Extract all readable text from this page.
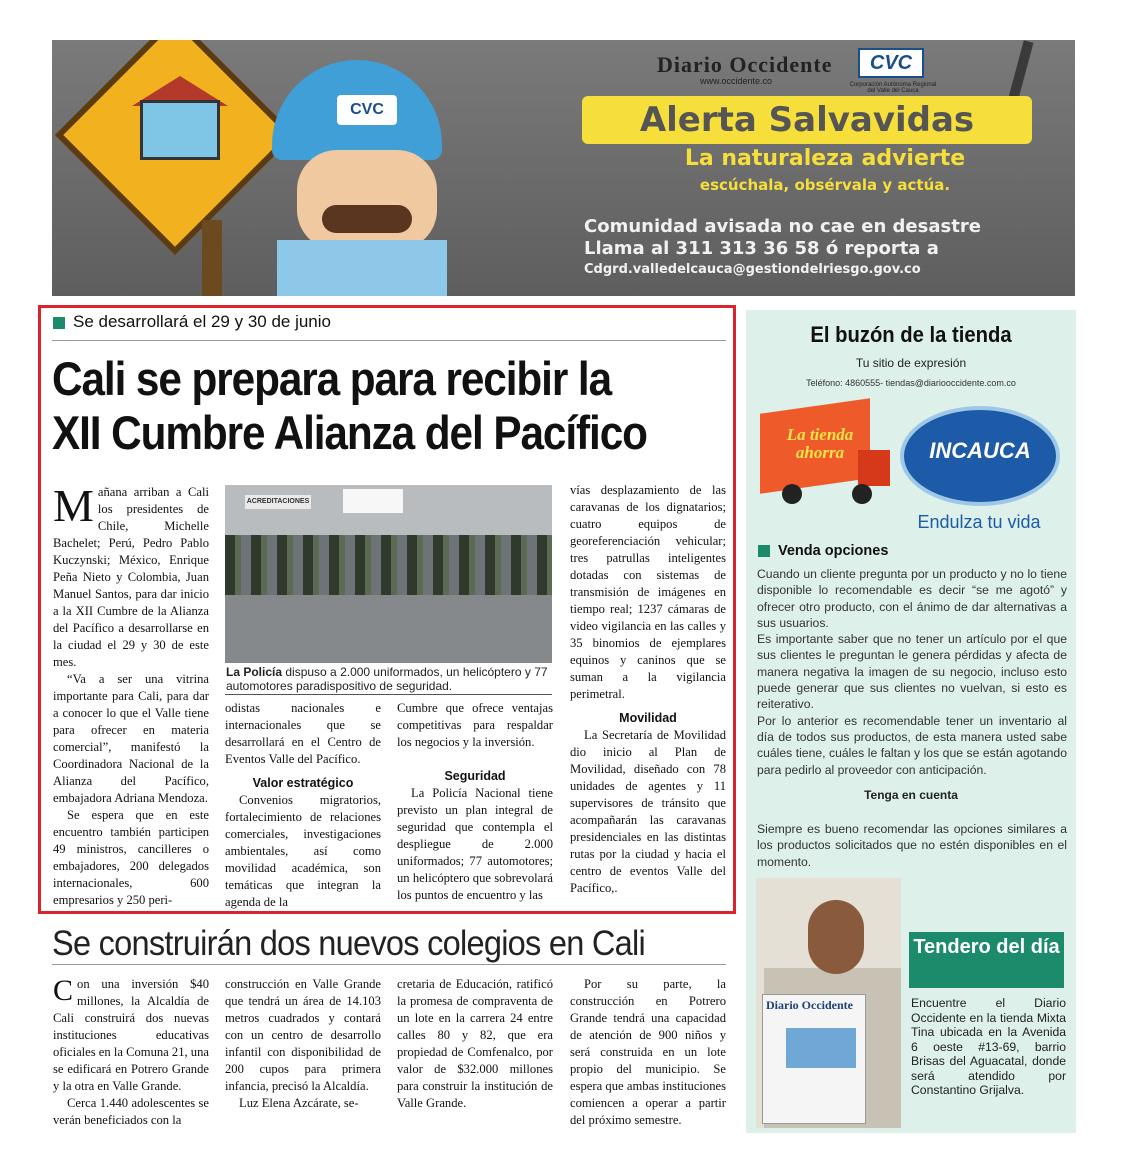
CVC
Diario Occidente
www.occidente.co
CVC
Corporación Autónoma Regional del Valle del Cauca
Alerta Salvavidas
La naturaleza advierte
escúchala, obsérvala y actúa.
Comunidad avisada no cae en desastre
Llama al 311 313 36 58 ó reporta a
Cdgrd.valledelcauca@gestiondelriesgo.gov.co
Se desarrollará el 29 y 30 de junio
Cali se prepara para recibir la XII Cumbre Alianza del Pacífico

Mañana arriban a Cali los presidentes de Chile, Michelle Bachelet; Perú, Pedro Pablo Kuczynski; México, Enrique Peña Nieto y Colombia, Juan Manuel Santos, para dar inicio a la XII Cumbre de la Alianza del Pacífico a desarrollarse en la ciudad el 29 y 30 de este mes.

“Va a ser una vitrina importante para Cali, para dar a conocer lo que el Valle tiene para ofrecer en materia comercial”, manifestó la Coordinadora Nacional de la Alianza del Pacífico, embajadora Adriana Mendoza.

Se espera que en este encuentro también participen 49 ministros, cancilleres o embajadores, 200 delegados internacionales, 600 empresarios y 250 peri-

ACREDITACIONES
La Policía dispuso a 2.000 uniformados, un helicóptero y 77 automotores paradispositivo de seguridad.

odistas nacionales e internacionales que se desarrollará en el Centro de Eventos Valle del Pacífico.

Valor estratégico

Convenios migratorios, fortalecimiento de relaciones comerciales, investigaciones ambientales, así como movilidad académica, son temáticas que integran la agenda de la

Cumbre que ofrece ventajas competitivas para respaldar los negocios y la inversión.

Seguridad

La Policía Nacional tiene previsto un plan integral de seguridad que contempla el despliegue de 2.000 uniformados; 77 automotores; un helicóptero que sobrevolará los puntos de encuentro y las

vías desplazamiento de las caravanas de los dignatarios; cuatro equipos de georeferenciación vehicular; tres patrullas inteligentes dotadas con sistemas de transmisión de imágenes en tiempo real; 1237 cámaras de video vigilancia en las calles y 35 binomios de ejemplares equinos y caninos que se suman a la vigilancia perimetral.

Movilidad

La Secretaría de Movilidad dio inicio al Plan de Movilidad, diseñado con 78 unidades de agentes y 11 supervisores de tránsito que acompañarán las caravanas presidenciales en las distintas rutas por la ciudad y hacia el centro de eventos Valle del Pacífico,.

Se construirán dos nuevos colegios en Cali

Con una inversión $40 millones, la Alcaldía de Cali construirá dos nuevas instituciones educativas oficiales en la Comuna 21, una se edificará en Potrero Grande y la otra en Valle Grande.

Cerca 1.440 adolescentes se verán beneficiados con la

construcción en Valle Grande que tendrá un área de 14.103 metros cuadrados y contará con un centro de desarrollo infantil con disponibilidad de 200 cupos para primera infancia, precisó la Alcaldía.

Luz Elena Azcárate, se-

cretaria de Educación, ratificó la promesa de compraventa de un lote en la carrera 24 entre calles 80 y 82, que era propiedad de Comfenalco, por valor de $32.000 millones para construir la institución de Valle Grande.

Por su parte, la construcción en Potrero Grande tendrá una capacidad de atención de 900 niños y será construida en un lote propio del municipio. Se espera que ambas instituciones comiencen a operar a partir del próximo semestre.

El buzón de la tienda
Tu sitio de expresión
Teléfono: 4860555- tiendas@diariooccidente.com.co
La tienda ahorra	INCAUCA
Endulza tu vida
Venda opciones

Cuando un cliente pregunta por un producto y no lo tiene disponible lo recomendable es decir “se me agotó” y ofrecer otro producto, con el ánimo de dar alternativas a sus usuarios.

Es importante saber que no tener un artículo por el que sus clientes le preguntan le genera pérdidas y afecta de manera negativa la imagen de su negocio, incluso esto puede generar que sus clientes no vuelvan, si esto es reiterativo.

Por lo anterior es recomendable tener un inventario al día de todos sus productos, de esta manera usted sabe cuáles tiene, cuáles le faltan y los que se están agotando para pedirlo al proveedor con anticipación.

Tenga en cuenta
Siempre es bueno recomendar las opciones similares a los productos solicitados que no estén disponibles en el momento.
Diario Occidente
Tendero del día
Encuentre el Diario Occidente en la tienda Mixta Tina ubicada en la Avenida 6 oeste #13-69, barrio Brisas del Aguacatal, donde será atendido por Constantino Grijalva.
